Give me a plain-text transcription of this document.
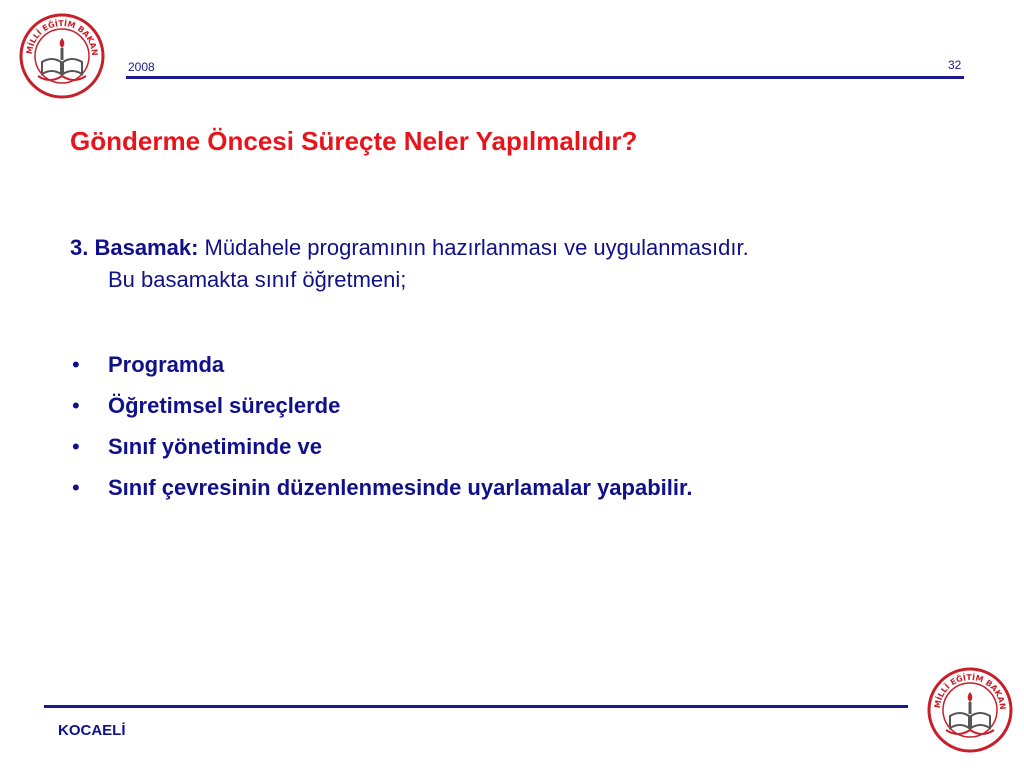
MİLLÎ EĞİTİM BAKAN
2008	32
Gönderme Öncesi Süreçte Neler Yapılmalıdır?
3. Basamak: Müdahele programının hazırlanması ve uygulanmasıdır.
Bu basamakta sınıf öğretmeni;
• Programda
• Öğretimsel süreçlerde
• Sınıf yönetiminde ve
• Sınıf çevresinin düzenlenmesinde uyarlamalar yapabilir.
KOCAELİ
MİLLÎ EĞİTİM BAKAN
